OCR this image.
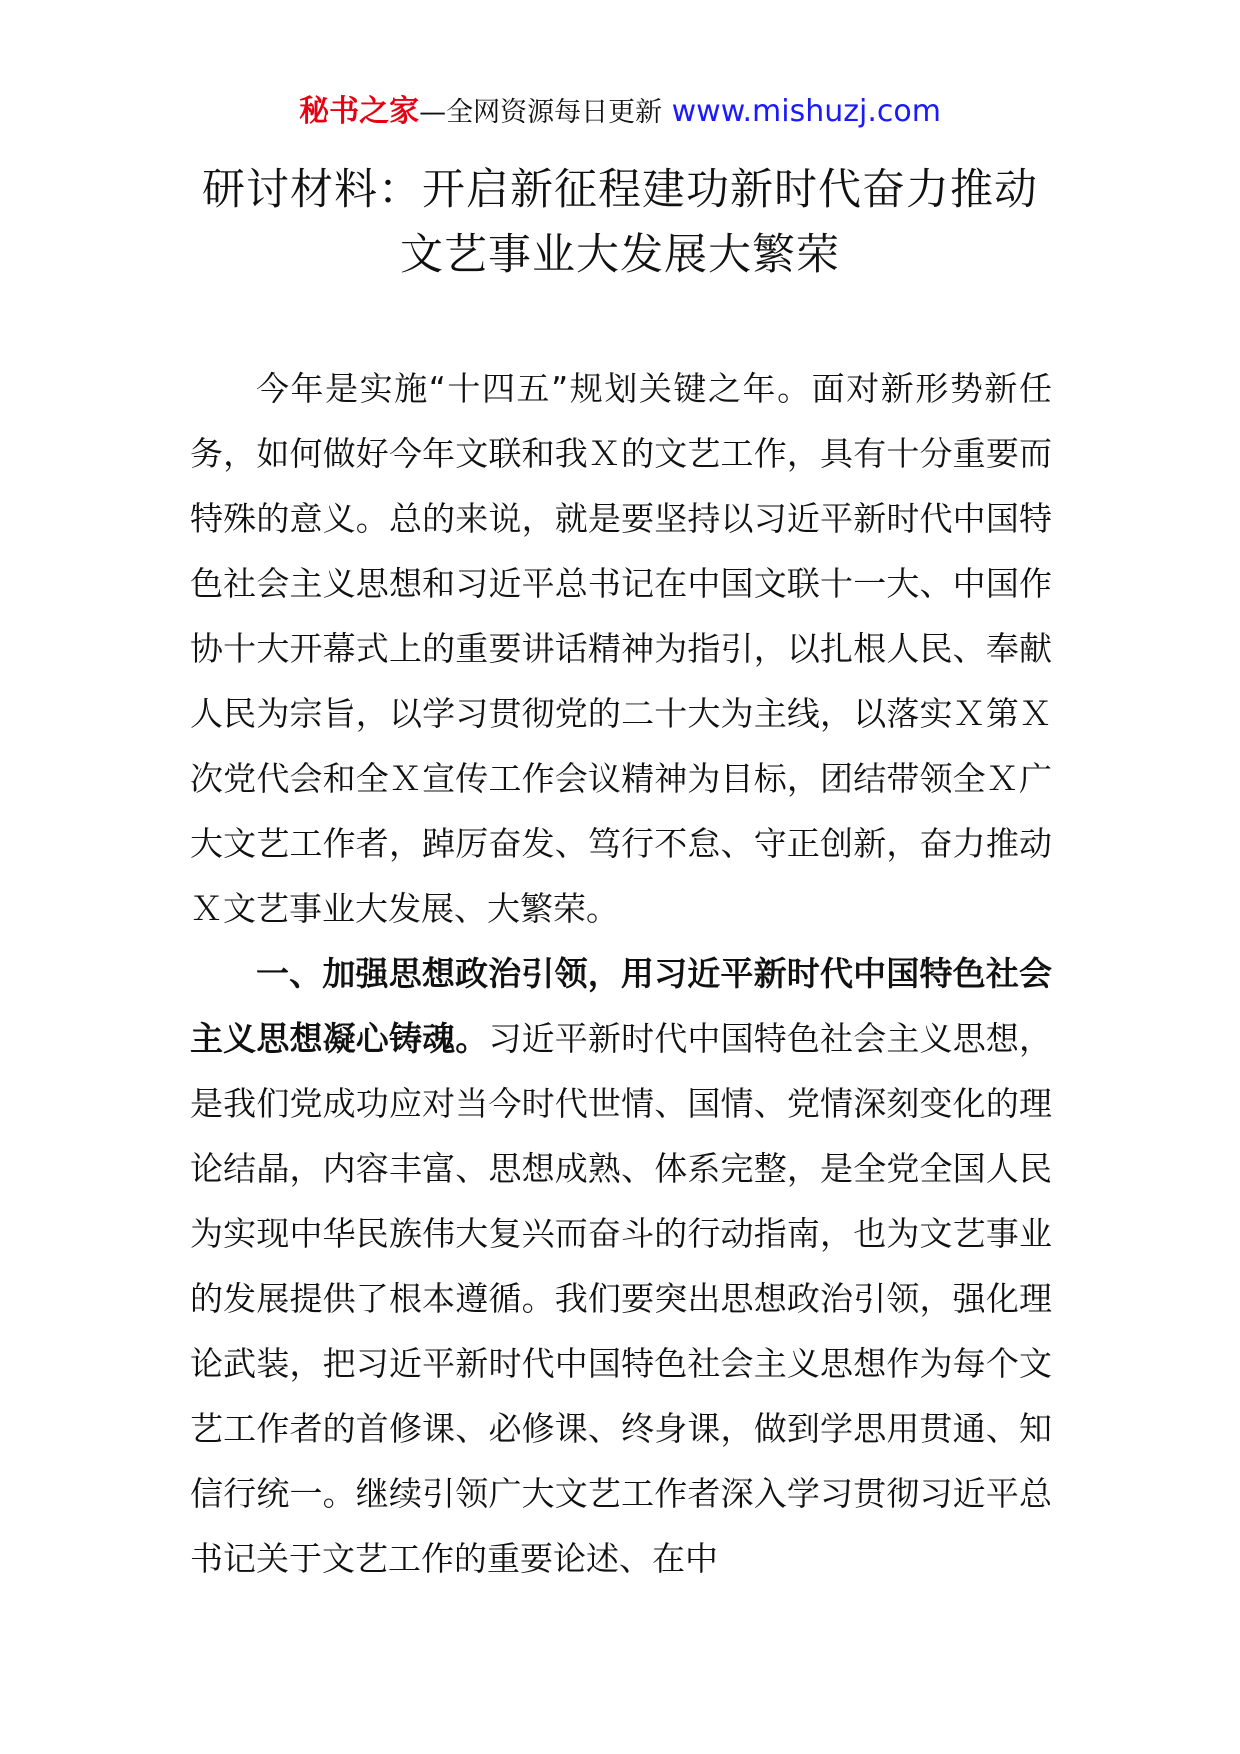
秘书之家—全网资源每日更新 www.mishuzj.com
研讨材料：开启新征程建功新时代奋力推动文艺事业大发展大繁荣

今年是实施“十四五”规划关键之年。面对新形势新任务，如何做好今年文联和我Ｘ的文艺工作，具有十分重要而特殊的意义。总的来说，就是要坚持以习近平新时代中国特色社会主义思想和习近平总书记在中国文联十一大、中国作协十大开幕式上的重要讲话精神为指引，以扎根人民、奉献人民为宗旨，以学习贯彻党的二十大为主线，以落实Ｘ第Ｘ次党代会和全Ｘ宣传工作会议精神为目标，团结带领全Ｘ广大文艺工作者，踔厉奋发、笃行不怠、守正创新，奋力推动Ｘ文艺事业大发展、大繁荣。

一、加强思想政治引领，用习近平新时代中国特色社会主义思想凝心铸魂。习近平新时代中国特色社会主义思想，是我们党成功应对当今时代世情、国情、党情深刻变化的理论结晶，内容丰富、思想成熟、体系完整，是全党全国人民为实现中华民族伟大复兴而奋斗的行动指南，也为文艺事业的发展提供了根本遵循。我们要突出思想政治引领，强化理论武装，把习近平新时代中国特色社会主义思想作为每个文艺工作者的首修课、必修课、终身课，做到学思用贯通、知信行统一。继续引领广大文艺工作者深入学习贯彻习近平总书记关于文艺工作的重要论述、在中
